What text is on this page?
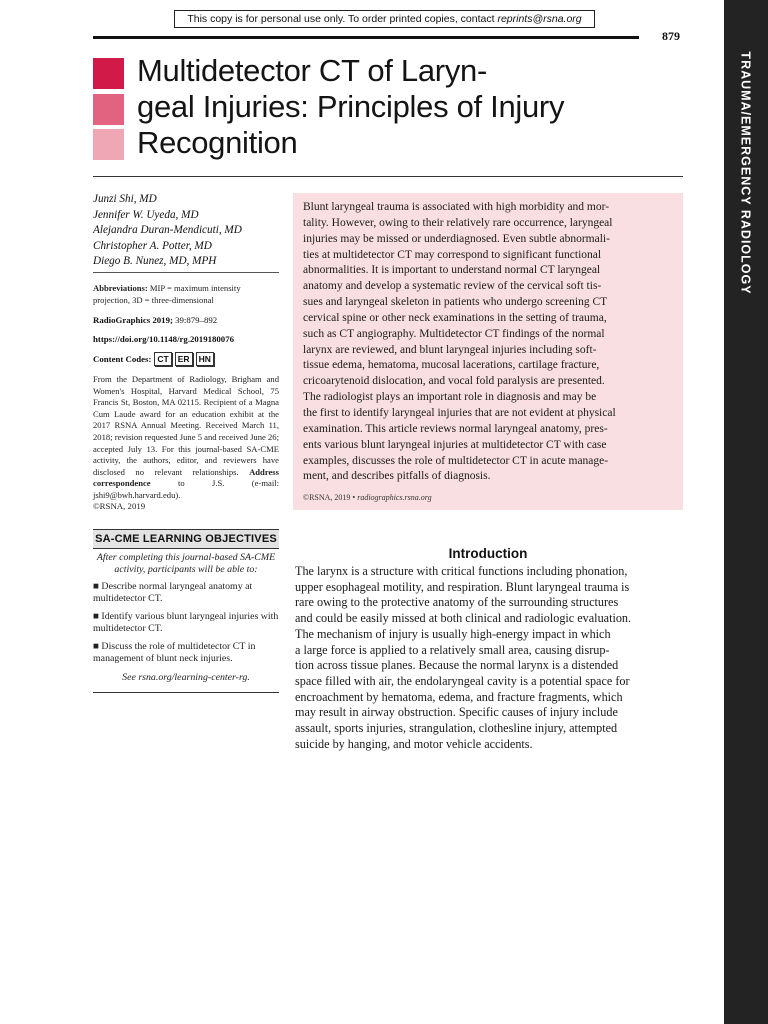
This copy is for personal use only. To order printed copies, contact reprints@rsna.org
879
TRAUMA/EMERGENCY RADIOLOGY
Multidetector CT of Laryn-
geal Injuries: Principles of Injury
Recognition
Junzi Shi, MD
Jennifer W. Uyeda, MD
Alejandra Duran-Mendicuti, MD
Christopher A. Potter, MD
Diego B. Nunez, MD, MPH
Abbreviations: MIP = maximum intensity projection, 3D = three-dimensional
RadioGraphics 2019; 39:879–892
https://doi.org/10.1148/rg.2019180076
Content Codes: CT	ER	HN
From the Department of Radiology, Brigham and Women's Hospital, Harvard Medical School, 75 Francis St, Boston, MA 02115. Recipient of a Magna Cum Laude award for an education exhibit at the 2017 RSNA Annual Meeting. Received March 11, 2018; revision requested June 5 and received June 26; accepted July 13. For this journal-based SA-CME activity, the authors, editor, and reviewers have disclosed no relevant relationships. Address correspondence to J.S. (e-mail: jshi9@bwh.harvard.edu).
©RSNA, 2019
SA-CME LEARNING OBJECTIVES
After completing this journal-based SA-CME activity, participants will be able to:
■ Describe normal laryngeal anatomy at multidetector CT.
■ Identify various blunt laryngeal injuries with multidetector CT.
■ Discuss the role of multidetector CT in management of blunt neck injuries.
See rsna.org/learning-center-rg.
Blunt laryngeal trauma is associated with high morbidity and mor-
tality. However, owing to their relatively rare occurrence, laryngeal
injuries may be missed or underdiagnosed. Even subtle abnormali-
ties at multidetector CT may correspond to significant functional
abnormalities. It is important to understand normal CT laryngeal
anatomy and develop a systematic review of the cervical soft tis-
sues and laryngeal skeleton in patients who undergo screening CT
cervical spine or other neck examinations in the setting of trauma,
such as CT angiography. Multidetector CT findings of the normal
larynx are reviewed, and blunt laryngeal injuries including soft-
tissue edema, hematoma, mucosal lacerations, cartilage fracture,
cricoarytenoid dislocation, and vocal fold paralysis are presented.
The radiologist plays an important role in diagnosis and may be
the first to identify laryngeal injuries that are not evident at physical
examination. This article reviews normal laryngeal anatomy, pres-
ents various blunt laryngeal injuries at multidetector CT with case
examples, discusses the role of multidetector CT in acute manage-
ment, and describes pitfalls of diagnosis.
©RSNA, 2019 • radiographics.rsna.org
Introduction
The larynx is a structure with critical functions including phonation,
upper esophageal motility, and respiration. Blunt laryngeal trauma is
rare owing to the protective anatomy of the surrounding structures
and could be easily missed at both clinical and radiologic evaluation.
The mechanism of injury is usually high-energy impact in which
a large force is applied to a relatively small area, causing disrup-
tion across tissue planes. Because the normal larynx is a distended
space filled with air, the endolaryngeal cavity is a potential space for
encroachment by hematoma, edema, and fracture fragments, which
may result in airway obstruction. Specific causes of injury include
assault, sports injuries, strangulation, clothesline injury, attempted
suicide by hanging, and motor vehicle accidents.
